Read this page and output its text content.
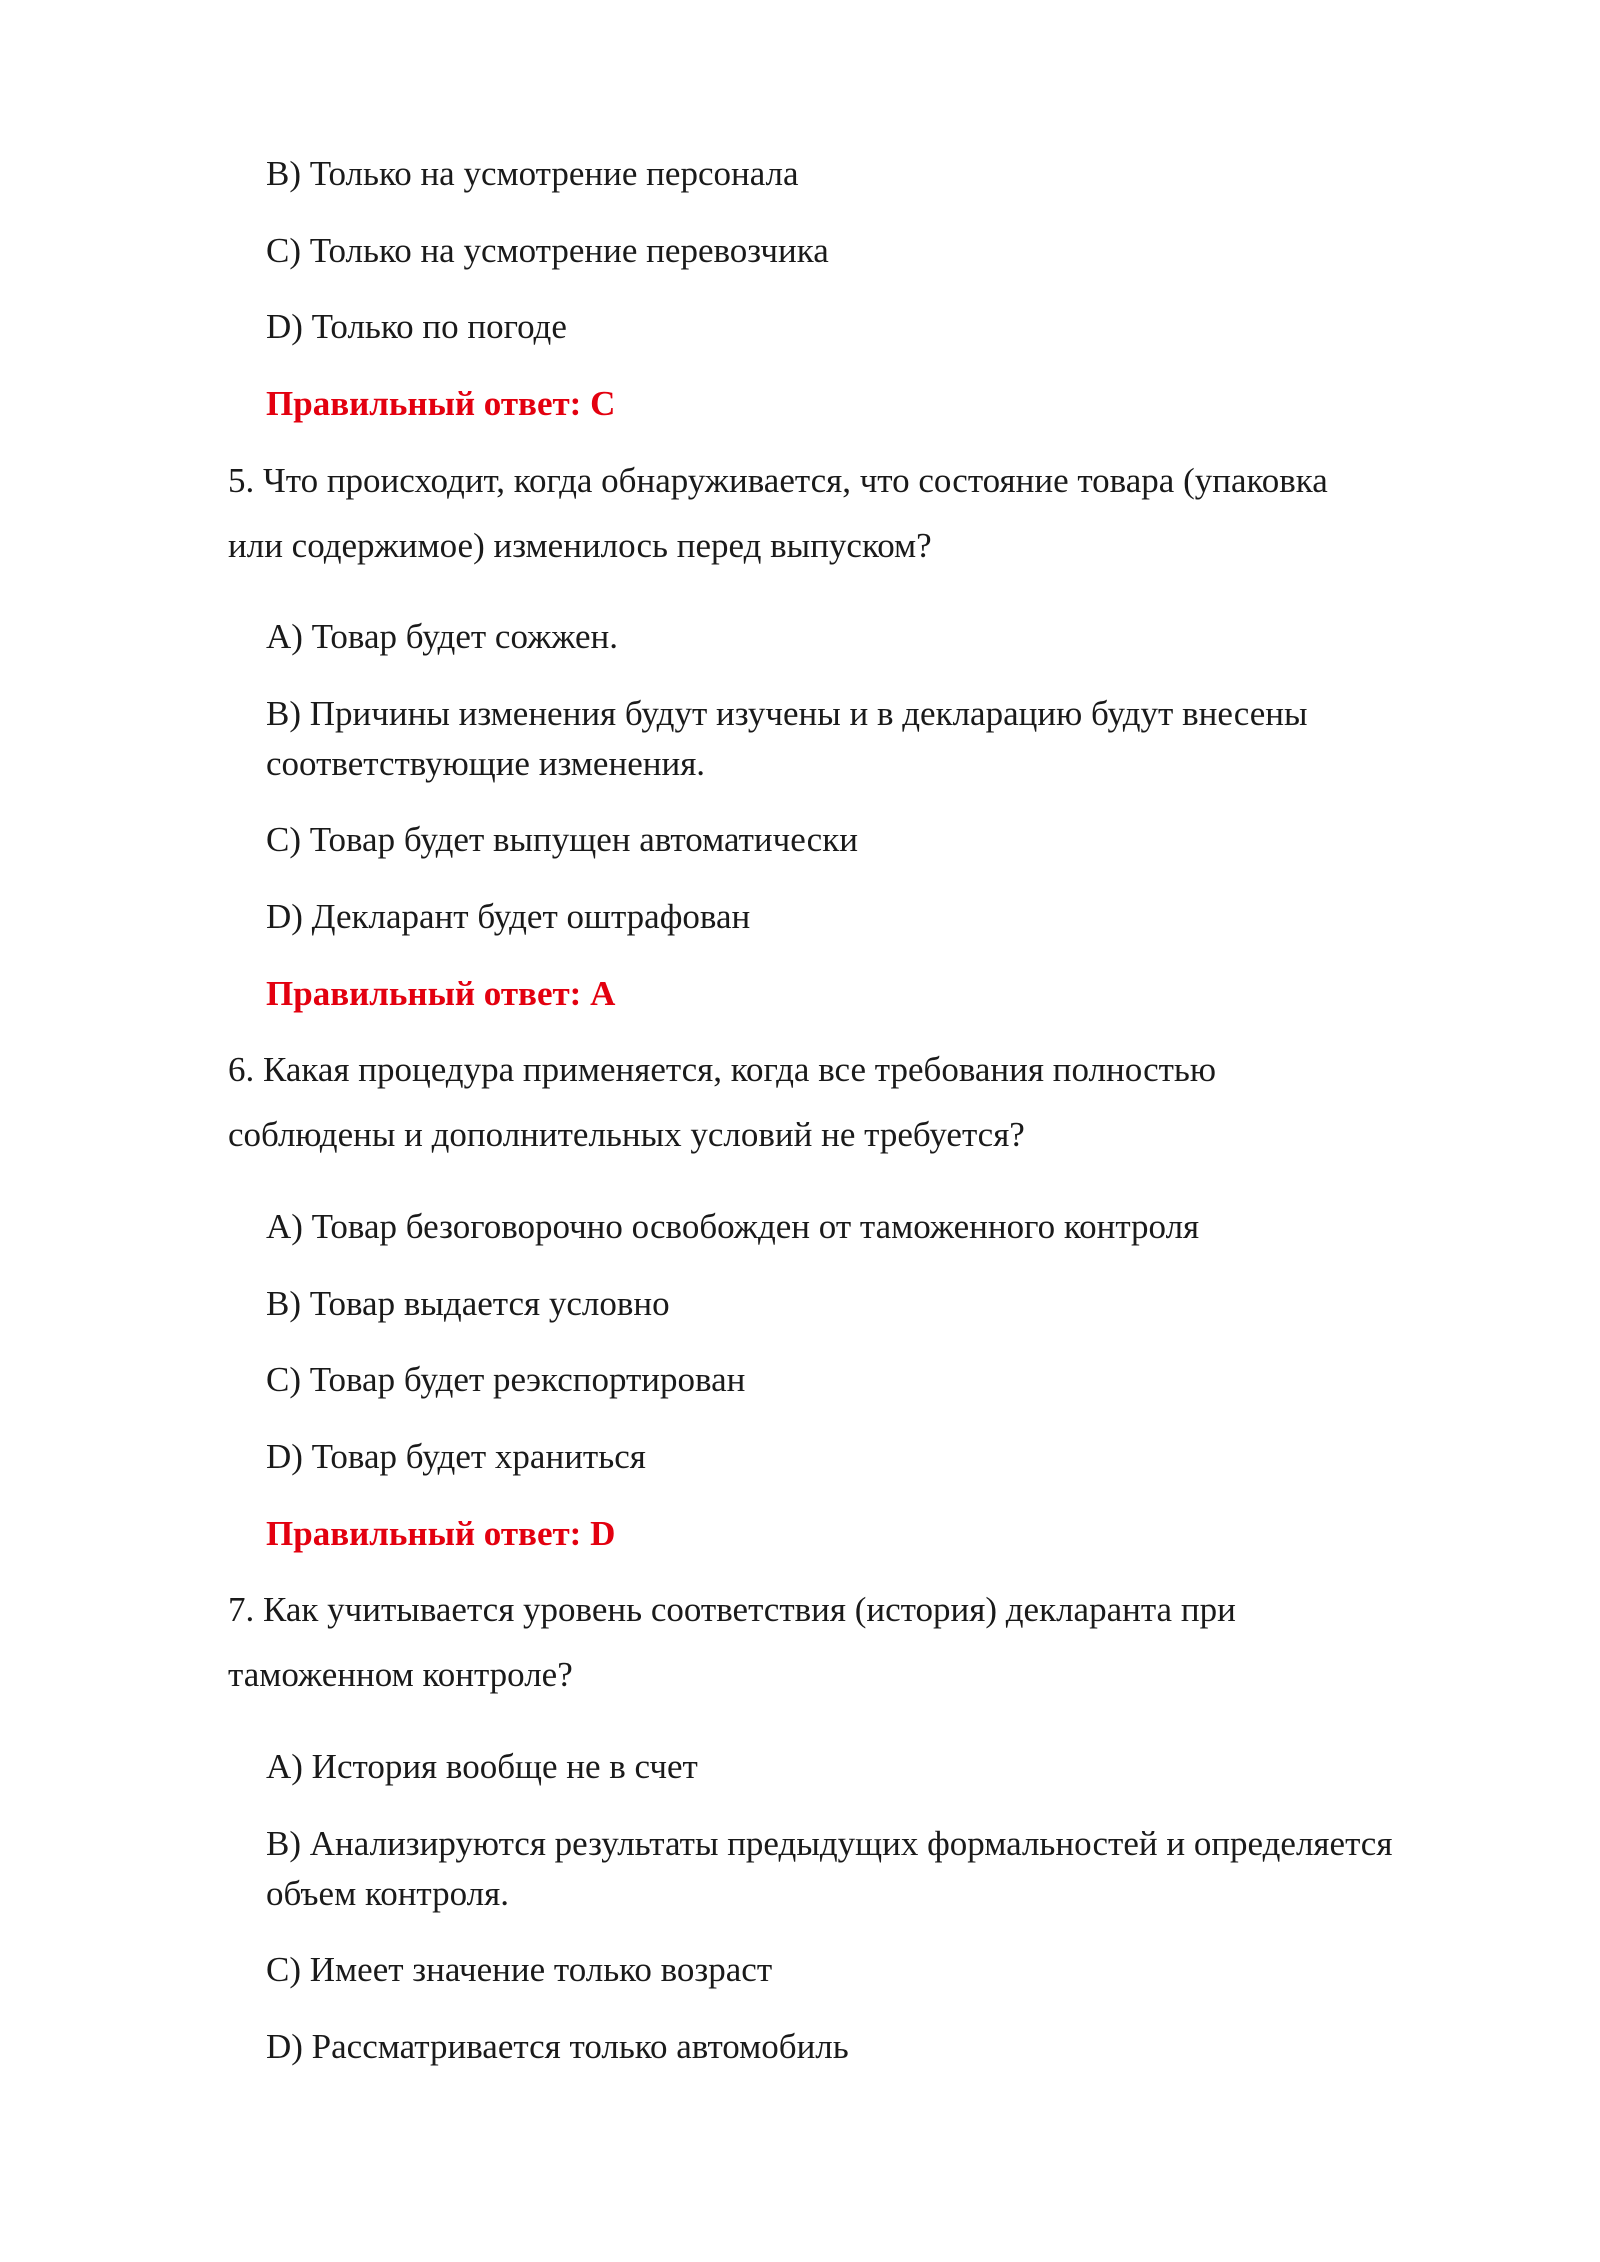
B) Только на усмотрение персонала
C) Только на усмотрение перевозчика
D) Только по погоде
Правильный ответ: C
5. Что происходит, когда обнаруживается, что состояние товара (упаковка
или содержимое) изменилось перед выпуском?
A) Товар будет сожжен.
B) Причины изменения будут изучены и в декларацию будут внесены
соответствующие изменения.
C) Товар будет выпущен автоматически
D) Декларант будет оштрафован
Правильный ответ: A
6. Какая процедура применяется, когда все требования полностью
соблюдены и дополнительных условий не требуется?
A) Товар безоговорочно освобожден от таможенного контроля
B) Товар выдается условно
C) Товар будет реэкспортирован
D) Товар будет храниться
Правильный ответ: D
7. Как учитывается уровень соответствия (история) декларанта при
таможенном контроле?
A) История вообще не в счет
B) Анализируются результаты предыдущих формальностей и определяется
объем контроля.
C) Имеет значение только возраст
D) Рассматривается только автомобиль
